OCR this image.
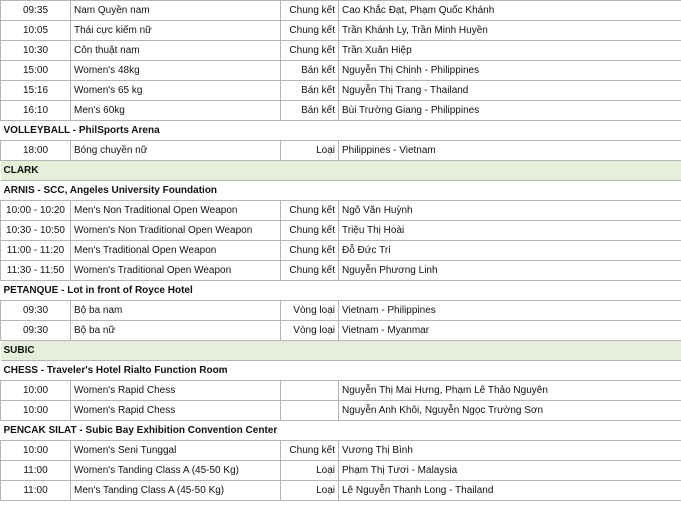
09:35	Nam Quyền nam	Chung kết	Cao Khắc Đạt, Phạm Quốc Khánh
10:05	Thái cực kiếm nữ	Chung kết	Trần Khánh Ly, Trần Minh Huyền
10:30	Côn thuật nam	Chung kết	Trần Xuân Hiệp
15:00	Women's 48kg	Bán kết	Nguyễn Thị Chinh - Philippines
15:16	Women's 65 kg	Bán kết	Nguyễn Thị Trang - Thailand
16:10	Men's 60kg	Bán kết	Bùi Trường Giang - Philippines
VOLLEYBALL - PhilSports Arena			
18:00	Bóng chuyền nữ	Loại	Philippines - Vietnam
CLARK			
ARNIS - SCC, Angeles University Foundation			
10:00 - 10:20	Men's Non Traditional Open Weapon	Chung kết	Ngô Văn Huỳnh
10:30 - 10:50	Women's Non Traditional Open Weapon	Chung kết	Triệu Thị Hoài
11:00 - 11:20	Men's Traditional Open Weapon	Chung kết	Đỗ Đức Trí
11:30 - 11:50	Women's Traditional Open Weapon	Chung kết	Nguyễn Phương Linh
PETANQUE - Lot in front of Royce Hotel			
09:30	Bộ ba nam	Vòng loại	Vietnam - Philippines
09:30	Bộ ba nữ	Vòng loại	Vietnam - Myanmar
SUBIC			
CHESS - Traveler's Hotel Rialto Function Room			
10:00	Women's Rapid Chess		Nguyễn Thị Mai Hưng, Phạm Lê Thảo Nguyên
10:00	Women's Rapid Chess		Nguyễn Anh Khôi, Nguyễn Ngọc Trường Sơn
PENCAK SILAT - Subic Bay Exhibition Convention Center			
10:00	Women's Seni Tunggal	Chung kết	Vương Thị Bình
11:00	Women's Tanding Class A (45-50 Kg)	Loại	Phạm Thị Tươi - Malaysia
11:00	Men's Tanding Class A (45-50 Kg)	Loại	Lê Nguyễn Thanh Long - Thailand
